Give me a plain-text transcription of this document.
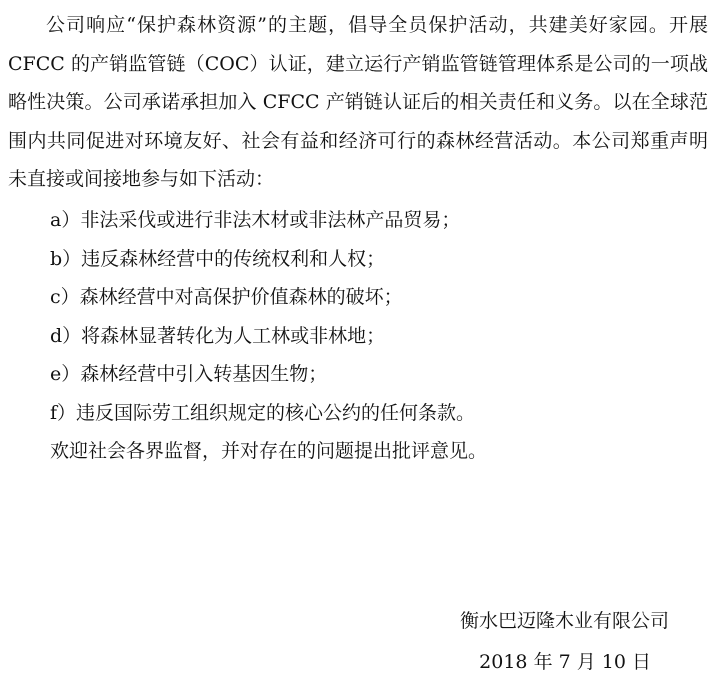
公司响应“保护森林资源”的主题，倡导全员保护活动，共建美好家园。开展 CFCC 的产销监管链（COC）认证，建立运行产销监管链管理体系是公司的一项战略性决策。公司承诺承担加入 CFCC 产销链认证后的相关责任和义务。以在全球范围内共同促进对环境友好、社会有益和经济可行的森林经营活动。本公司郑重声明未直接或间接地参与如下活动：

a）非法采伐或进行非法木材或非法林产品贸易；
b）违反森林经营中的传统权利和人权；
c）森林经营中对高保护价值森林的破坏；
d）将森林显著转化为人工林或非林地；
e）森林经营中引入转基因生物；
f）违反国际劳工组织规定的核心公约的任何条款。
欢迎社会各界监督，并对存在的问题提出批评意见。
衡水巴迈隆木业有限公司
2018 年 7 月 10 日
